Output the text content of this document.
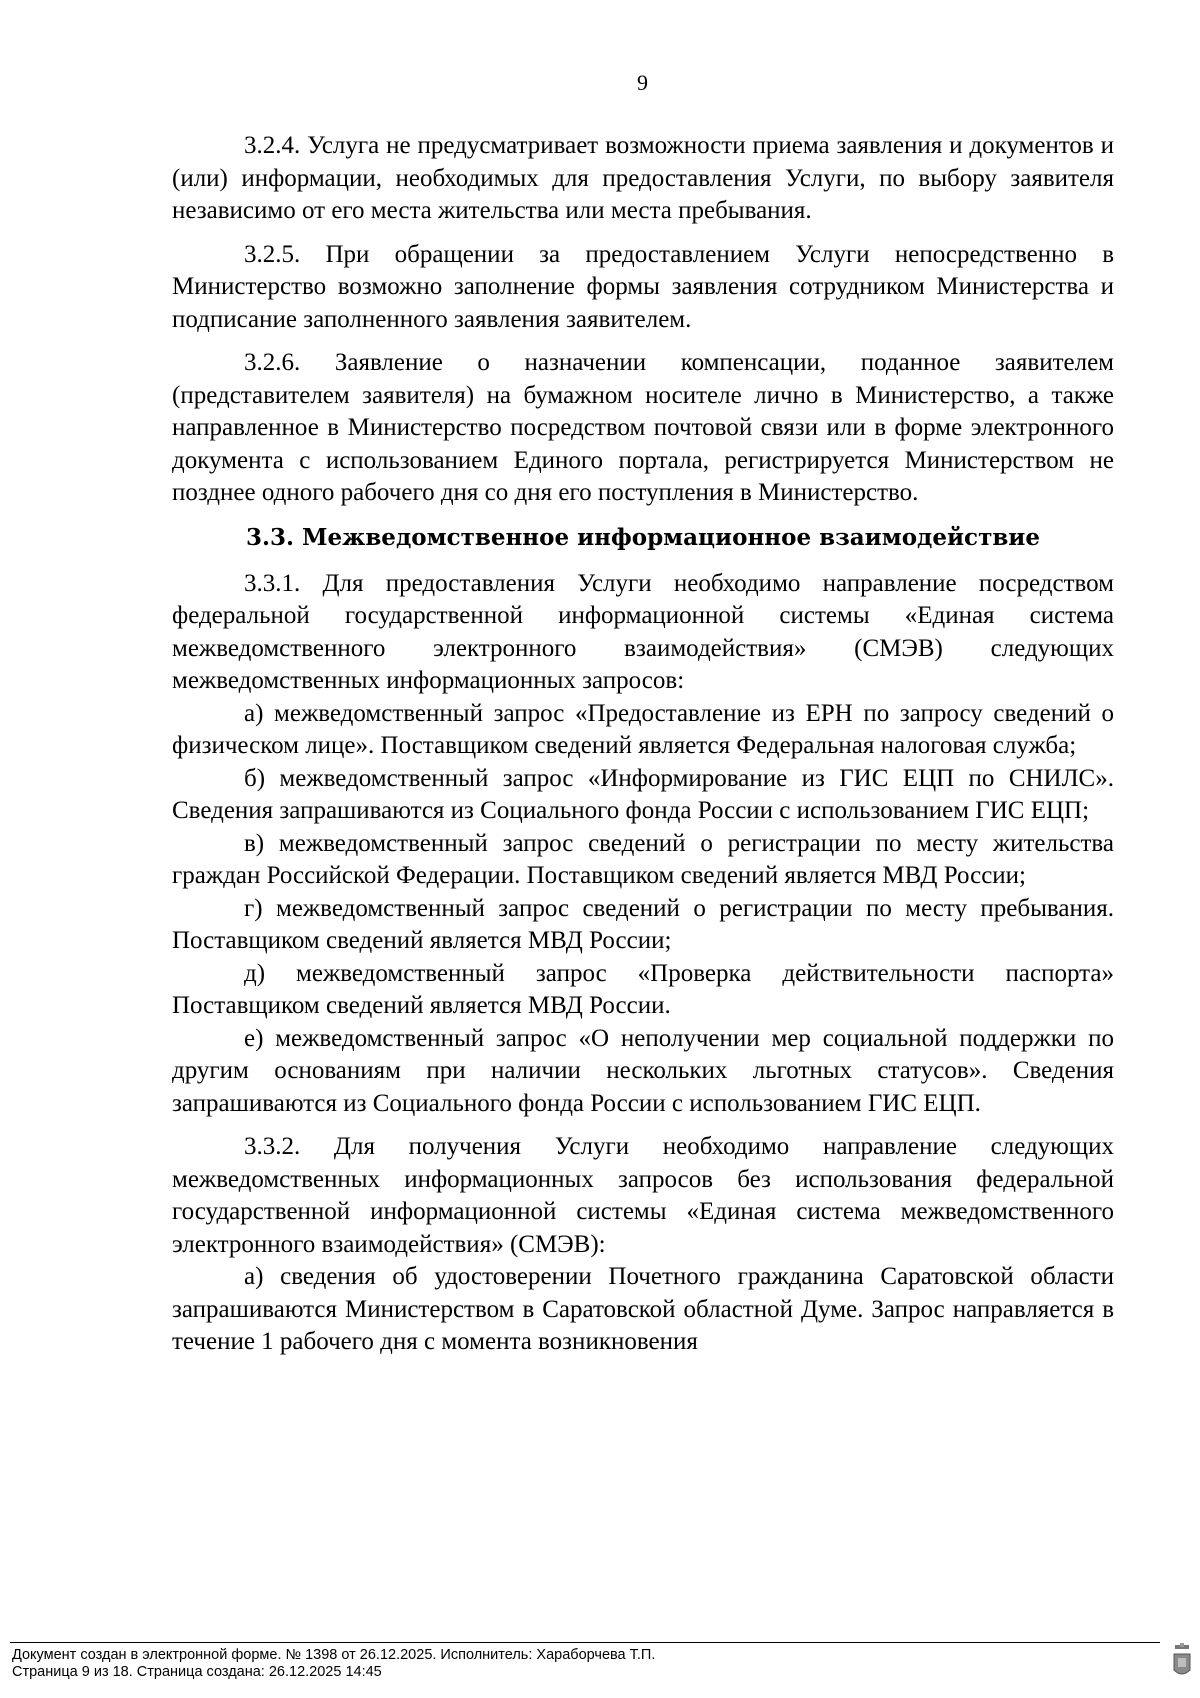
9

3.2.4. Услуга не предусматривает возможности приема заявления и документов и (или) информации, необходимых для предоставления Услуги, по выбору заявителя независимо от его места жительства или места пребывания.

3.2.5. При обращении за предоставлением Услуги непосредственно в Министерство возможно заполнение формы заявления сотрудником Министерства и подписание заполненного заявления заявителем.

3.2.6. Заявление о назначении компенсации, поданное заявителем (представителем заявителя) на бумажном носителе лично в Министерство, а также направленное в Министерство посредством почтовой связи или в форме электронного документа с использованием Единого портала, регистрируется Министерством не позднее одного рабочего дня со дня его поступления в Министерство.

3.3. Межведомственное информационное взаимодействие

3.3.1. Для предоставления Услуги необходимо направление посредством федеральной государственной информационной системы «Единая система межведомственного электронного взаимодействия» (СМЭВ) следующих межведомственных информационных запросов:

а) межведомственный запрос «Предоставление из ЕРН по запросу сведений о физическом лице». Поставщиком сведений является Федеральная налоговая служба;

б) межведомственный запрос «Информирование из ГИС ЕЦП по СНИЛС». Сведения запрашиваются из Социального фонда России с использованием ГИС ЕЦП;

в) межведомственный запрос сведений о регистрации по месту жительства граждан Российской Федерации. Поставщиком сведений является МВД России;

г) межведомственный запрос сведений о регистрации по месту пребывания. Поставщиком сведений является МВД России;

д) межведомственный запрос «Проверка действительности паспорта» Поставщиком сведений является МВД России.

е) межведомственный запрос «О неполучении мер социальной поддержки по другим основаниям при наличии нескольких льготных статусов». Сведения запрашиваются из Социального фонда России с использованием ГИС ЕЦП.

3.3.2. Для получения Услуги необходимо направление следующих межведомственных информационных запросов без использования федеральной государственной информационной системы «Единая система межведомственного электронного взаимодействия» (СМЭВ):

а) сведения об удостоверении Почетного гражданина Саратовской области запрашиваются Министерством в Саратовской областной Думе. Запрос направляется в течение 1 рабочего дня с момента возникновения

Документ создан в электронной форме. № 1398 от 26.12.2025. Исполнитель: Хараборчева Т.П.
Страница 9 из 18. Страница создана: 26.12.2025 14:45
